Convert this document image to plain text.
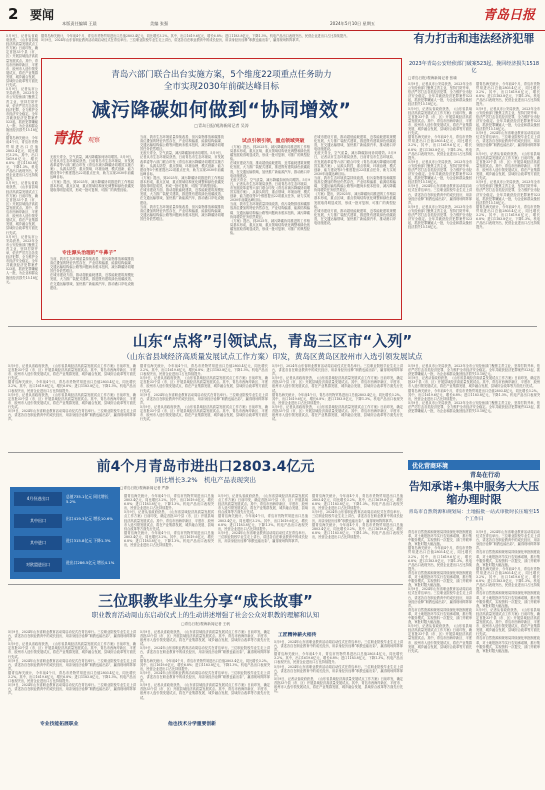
2 要闻
本版责任编辑 王晨	美编 张强	2024年5月10日 星期五
青岛日报
青岛六部门联合出台实施方案，5个维度22项重点任务助力
全市实现2030年前碳达峰目标
减污降碳如何做到“协同增效”
□青岛日报/观海新闻记者 吴涛
青报 观察
无废天青全，空气质量，减污降碳如何协同增效。5月9日，记者从市生态环境局获悉，日前青岛市生态环境局、市发展改革委等六部门联合印发《青岛市减污降碳协同增效实施方案》，从源头防控、重点领域、环境治理、模式创新、能力建设等5个维度提出22项重点任务，助力实现2030年前碳达峰目标。
《方案》提出，到2025年，减污降碳协同推进的工作格局基本形成，重点区域、重点领域结构优化调整和绿色低碳发展取得明显成效，形成一批可复制、可推广的典型经验。
专注源头治理的“牛鼻子”
当前，我市生态环境质量持续改善，但污染物排放和碳排放高位叠加的特征仍然存在，产业结构偏重、能源结构偏煤、交通运输结构偏公路等问题尚未根本扭转，减污降碳协同增效任务依然艰巨。
在城市建设方面，推动超低能耗建筑、近零能耗建筑规模化发展，大力推广装配式建筑，推进既有建筑绿色低碳改造，在交通运输领域，加快推广新能源汽车，推动港口岸电设施建设。
当前，我市生态环境质量持续改善，但污染物排放和碳排放高位叠加的特征仍然存在，产业结构偏重、能源结构偏煤、交通运输结构偏公路等问题尚未根本扭转，减污降碳协同增效任务依然艰巨。
无废天青全，空气质量，减污降碳如何协同增效。5月9日，记者从市生态环境局获悉，日前青岛市生态环境局、市发展改革委等六部门联合印发《青岛市减污降碳协同增效实施方案》，从源头防控、重点领域、环境治理、模式创新、能力建设等5个维度提出22项重点任务，助力实现2030年前碳达峰目标。
《方案》提出，到2025年，减污降碳协同推进的工作格局基本形成，重点区域、重点领域结构优化调整和绿色低碳发展取得明显成效，形成一批可复制、可推广的典型经验。
在城市建设方面，推动超低能耗建筑、近零能耗建筑规模化发展，大力推广装配式建筑，推进既有建筑绿色低碳改造，在交通运输领域，加快推广新能源汽车，推动港口岸电设施建设。
当前，我市生态环境质量持续改善，但污染物排放和碳排放高位叠加的特征仍然存在，产业结构偏重、能源结构偏煤、交通运输结构偏公路等问题尚未根本扭转，减污降碳协同增效任务依然艰巨。
试点引领引领，重点领域突破
《方案》提出，到2025年，减污降碳协同推进的工作格局基本形成，重点区域、重点领域结构优化调整和绿色低碳发展取得明显成效，形成一批可复制、可推广的典型经验。
在城市建设方面，推动超低能耗建筑、近零能耗建筑规模化发展，大力推广装配式建筑，推进既有建筑绿色低碳改造，在交通运输领域，加快推广新能源汽车，推动港口岸电设施建设。
无废天青全，空气质量，减污降碳如何协同增效。5月9日，记者从市生态环境局获悉，日前青岛市生态环境局、市发展改革委等六部门联合印发《青岛市减污降碳协同增效实施方案》，从源头防控、重点领域、环境治理、模式创新、能力建设等5个维度提出22项重点任务，助力实现2030年前碳达峰目标。
当前，我市生态环境质量持续改善，但污染物排放和碳排放高位叠加的特征仍然存在，产业结构偏重、能源结构偏煤、交通运输结构偏公路等问题尚未根本扭转，减污降碳协同增效任务依然艰巨。
《方案》提出，到2025年，减污降碳协同推进的工作格局基本形成，重点区域、重点领域结构优化调整和绿色低碳发展取得明显成效，形成一批可复制、可推广的典型经验。
在城市建设方面，推动超低能耗建筑、近零能耗建筑规模化发展，大力推广装配式建筑，推进既有建筑绿色低碳改造，在交通运输领域，加快推广新能源汽车，推动港口岸电设施建设。
无废天青全，空气质量，减污降碳如何协同增效。5月9日，记者从市生态环境局获悉，日前青岛市生态环境局、市发展改革委等六部门联合印发《青岛市减污降碳协同增效实施方案》，从源头防控、重点领域、环境治理、模式创新、能力建设等5个维度提出22项重点任务，助力实现2030年前碳达峰目标。
当前，我市生态环境质量持续改善，但污染物排放和碳排放高位叠加的特征仍然存在，产业结构偏重、能源结构偏煤、交通运输结构偏公路等问题尚未根本扭转，减污降碳协同增效任务依然艰巨。
《方案》提出，到2025年，减污降碳协同推进的工作格局基本形成，重点区域、重点领域结构优化调整和绿色低碳发展取得明显成效，形成一批可复制、可推广的典型经验。
在城市建设方面，推动超低能耗建筑、近零能耗建筑规模化发展，大力推广装配式建筑，推进既有建筑绿色低碳改造，在交通运输领域，加快推广新能源汽车，推动港口岸电设施建设。
5月9日，记者从省政府获悉，《山东省县域经济高质量发展试点工作方案》日前印发，确定首批33个县（市、区）开展县域经济高质量发展试点。其中，青岛市西海岸新区、平度市、胶州市入选引领发展试点，将在产业集群发展、城乡融合发展、县域综合改革等方面先行先试。
5月9日，记者从市公安局获悉，2023年全市公安经侦部门聚焦主责主业，坚持打防并举，依法严厉打击各类经济犯罪，全力维护全市经济安全稳定。全年共破获经济犯罪案件523起，抓获犯罪嫌疑人一批，为企业和群众挽回经济损失15.18亿元。
据青岛海关统计，今年前4个月，青岛市货物贸易进出口总值2803.4亿元，同比增长3.2%。其中，出口1619.6亿元，增长6.8%；进口1183.8亿元，下降1.3%。机电产品出口表现突出，民营企业进出口占比持续提升。
5月9日，记者从省政府获悉，《山东省县域经济高质量发展试点工作方案》日前印发，确定首批33个县（市、区）开展县域经济高质量发展试点。其中，青岛市西海岸新区、平度市、胶州市入选引领发展试点，将在产业集群发展、城乡融合发展、县域综合改革等方面先行先试。
5月9日，记者从市公安局获悉，2023年全市公安经侦部门聚焦主责主业，坚持打防并举，依法严厉打击各类经济犯罪，全力维护全市经济安全稳定。全年共破获经济犯罪案件523起，抓获犯罪嫌疑人一批，为企业和群众挽回经济损失15.18亿元。
据青岛海关统计，今年前4个月，青岛市货物贸易进出口总值2803.4亿元，同比增长3.2%。其中，出口1619.6亿元，增长6.8%；进口1183.8亿元，下降1.3%。机电产品出口表现突出，民营企业进出口占比持续提升。
5月9日，2024年山东省职业教育活动周启动仪式在青岛举行。三位职业院校毕业生走上讲台，讲述各自在职业教育中的成长经历，用亲身经历诠释“职教也能出彩”，赢得现场阵阵掌声。	有力打击和违法经济犯罪
2023年青岛公安经侦部门破案523起，挽回经济损失1518亿
□青岛日报/观海新闻记者 张瑜
5月9日，记者从市公安局获悉，2023年全市公安经侦部门聚焦主责主业，坚持打防并举，依法严厉打击各类经济犯罪，全力维护全市经济安全稳定。全年共破获经济犯罪案件523起，抓获犯罪嫌疑人一批，为企业和群众挽回经济损失15.18亿元。
5月9日，记者从省政府获悉，《山东省县域经济高质量发展试点工作方案》日前印发，确定首批33个县（市、区）开展县域经济高质量发展试点。其中，青岛市西海岸新区、平度市、胶州市入选引领发展试点，将在产业集群发展、城乡融合发展、县域综合改革等方面先行先试。
据青岛海关统计，今年前4个月，青岛市货物贸易进出口总值2803.4亿元，同比增长3.2%。其中，出口1619.6亿元，增长6.8%；进口1183.8亿元，下降1.3%。机电产品出口表现突出，民营企业进出口占比持续提升。
5月9日，记者从市公安局获悉，2023年全市公安经侦部门聚焦主责主业，坚持打防并举，依法严厉打击各类经济犯罪，全力维护全市经济安全稳定。全年共破获经济犯罪案件523起，抓获犯罪嫌疑人一批，为企业和群众挽回经济损失15.18亿元。
5月9日，2024年山东省职业教育活动周启动仪式在青岛举行。三位职业院校毕业生走上讲台，讲述各自在职业教育中的成长经历，用亲身经历诠释“职教也能出彩”，赢得现场阵阵掌声。
5月9日，记者从市公安局获悉，2023年全市公安经侦部门聚焦主责主业，坚持打防并举，依法严厉打击各类经济犯罪，全力维护全市经济安全稳定。全年共破获经济犯罪案件523起，抓获犯罪嫌疑人一批，为企业和群众挽回经济损失15.18亿元。
据青岛海关统计，今年前4个月，青岛市货物贸易进出口总值2803.4亿元，同比增长3.2%。其中，出口1619.6亿元，增长6.8%；进口1183.8亿元，下降1.3%。机电产品出口表现突出，民营企业进出口占比持续提升。
5月9日，记者从市公安局获悉，2023年全市公安经侦部门聚焦主责主业，坚持打防并举，依法严厉打击各类经济犯罪，全力维护全市经济安全稳定。全年共破获经济犯罪案件523起，抓获犯罪嫌疑人一批，为企业和群众挽回经济损失15.18亿元。
5月9日，2024年山东省职业教育活动周启动仪式在青岛举行。三位职业院校毕业生走上讲台，讲述各自在职业教育中的成长经历，用亲身经历诠释“职教也能出彩”，赢得现场阵阵掌声。
5月9日，记者从省政府获悉，《山东省县域经济高质量发展试点工作方案》日前印发，确定首批33个县（市、区）开展县域经济高质量发展试点。其中，青岛市西海岸新区、平度市、胶州市入选引领发展试点，将在产业集群发展、城乡融合发展、县域综合改革等方面先行先试。
5月9日，记者从市公安局获悉，2023年全市公安经侦部门聚焦主责主业，坚持打防并举，依法严厉打击各类经济犯罪，全力维护全市经济安全稳定。全年共破获经济犯罪案件523起，抓获犯罪嫌疑人一批，为企业和群众挽回经济损失15.18亿元。
据青岛海关统计，今年前4个月，青岛市货物贸易进出口总值2803.4亿元，同比增长3.2%。其中，出口1619.6亿元，增长6.8%；进口1183.8亿元，下降1.3%。机电产品出口表现突出，民营企业进出口占比持续提升。
山东“点将”引领试点，青岛三区市“入列”
（山东省县域经济高质量发展试点工作方案）印发，黄岛区黄岛区胶州市入选引领发展试点
5月9日，记者从省政府获悉，《山东省县域经济高质量发展试点工作方案》日前印发，确定首批33个县（市、区）开展县域经济高质量发展试点。其中，青岛市西海岸新区、平度市、胶州市入选引领发展试点，将在产业集群发展、城乡融合发展、县域综合改革等方面先行先试。
据青岛海关统计，今年前4个月，青岛市货物贸易进出口总值2803.4亿元，同比增长3.2%。其中，出口1619.6亿元，增长6.8%；进口1183.8亿元，下降1.3%。机电产品出口表现突出，民营企业进出口占比持续提升。
5月9日，记者从省政府获悉，《山东省县域经济高质量发展试点工作方案》日前印发，确定首批33个县（市、区）开展县域经济高质量发展试点。其中，青岛市西海岸新区、平度市、胶州市入选引领发展试点，将在产业集群发展、城乡融合发展、县域综合改革等方面先行先试。
5月9日，2024年山东省职业教育活动周启动仪式在青岛举行。三位职业院校毕业生走上讲台，讲述各自在职业教育中的成长经历，用亲身经历诠释“职教也能出彩”，赢得现场阵阵掌声。
据青岛海关统计，今年前4个月，青岛市货物贸易进出口总值2803.4亿元，同比增长3.2%。其中，出口1619.6亿元，增长6.8%；进口1183.8亿元，下降1.3%。机电产品出口表现突出，民营企业进出口占比持续提升。
5月9日，记者从省政府获悉，《山东省县域经济高质量发展试点工作方案》日前印发，确定首批33个县（市、区）开展县域经济高质量发展试点。其中，青岛市西海岸新区、平度市、胶州市入选引领发展试点，将在产业集群发展、城乡融合发展、县域综合改革等方面先行先试。
5月9日，2024年山东省职业教育活动周启动仪式在青岛举行。三位职业院校毕业生走上讲台，讲述各自在职业教育中的成长经历，用亲身经历诠释“职教也能出彩”，赢得现场阵阵掌声。
5月9日，记者从省政府获悉，《山东省县域经济高质量发展试点工作方案》日前印发，确定首批33个县（市、区）开展县域经济高质量发展试点。其中，青岛市西海岸新区、平度市、胶州市入选引领发展试点，将在产业集群发展、城乡融合发展、县域综合改革等方面先行先试。
5月9日，2024年山东省职业教育活动周启动仪式在青岛举行。三位职业院校毕业生走上讲台，讲述各自在职业教育中的成长经历，用亲身经历诠释“职教也能出彩”，赢得现场阵阵掌声。
5月9日，记者从省政府获悉，《山东省县域经济高质量发展试点工作方案》日前印发，确定首批33个县（市、区）开展县域经济高质量发展试点。其中，青岛市西海岸新区、平度市、胶州市入选引领发展试点，将在产业集群发展、城乡融合发展、县域综合改革等方面先行先试。
据青岛海关统计，今年前4个月，青岛市货物贸易进出口总值2803.4亿元，同比增长3.2%。其中，出口1619.6亿元，增长6.8%；进口1183.8亿元，下降1.3%。机电产品出口表现突出，民营企业进出口占比持续提升。
5月9日，记者从省政府获悉，《山东省县域经济高质量发展试点工作方案》日前印发，确定首批33个县（市、区）开展县域经济高质量发展试点。其中，青岛市西海岸新区、平度市、胶州市入选引领发展试点，将在产业集群发展、城乡融合发展、县域综合改革等方面先行先试。
5月9日，记者从市公安局获悉，2023年全市公安经侦部门聚焦主责主业，坚持打防并举，依法严厉打击各类经济犯罪，全力维护全市经济安全稳定。全年共破获经济犯罪案件523起，抓获犯罪嫌疑人一批，为企业和群众挽回经济损失15.18亿元。
5月9日，记者从省政府获悉，《山东省县域经济高质量发展试点工作方案》日前印发，确定首批33个县（市、区）开展县域经济高质量发展试点。其中，青岛市西海岸新区、平度市、胶州市入选引领发展试点，将在产业集群发展、城乡融合发展、县域综合改革等方面先行先试。
据青岛海关统计，今年前4个月，青岛市货物贸易进出口总值2803.4亿元，同比增长3.2%。其中，出口1619.6亿元，增长6.8%；进口1183.8亿元，下降1.3%。机电产品出口表现突出，民营企业进出口占比持续提升。
5月9日，记者从市公安局获悉，2023年全市公安经侦部门聚焦主责主业，坚持打防并举，依法严厉打击各类经济犯罪，全力维护全市经济安全稳定。全年共破获经济犯罪案件523起，抓获犯罪嫌疑人一批，为企业和群众挽回经济损失15.18亿元。
前4个月青岛市进出口2803.4亿元
同比增长3.2%　机电产品表现突出
□青岛日报/观海新闻记者 严静
4月份进出口	总值735.1亿元 同比增长5.2%
其中出口	出口419.3亿元 增长10.6%
其中进口	进口315.8亿元 下降1.3%
对欧盟进出口	进出口286.5亿元 增长4.1%
据青岛海关统计，今年前4个月，青岛市货物贸易进出口总值2803.4亿元，同比增长3.2%。其中，出口1619.6亿元，增长6.8%；进口1183.8亿元，下降1.3%。机电产品出口表现突出，民营企业进出口占比持续提升。
5月9日，记者从省政府获悉，《山东省县域经济高质量发展试点工作方案》日前印发，确定首批33个县（市、区）开展县域经济高质量发展试点。其中，青岛市西海岸新区、平度市、胶州市入选引领发展试点，将在产业集群发展、城乡融合发展、县域综合改革等方面先行先试。
据青岛海关统计，今年前4个月，青岛市货物贸易进出口总值2803.4亿元，同比增长3.2%。其中，出口1619.6亿元，增长6.8%；进口1183.8亿元，下降1.3%。机电产品出口表现突出，民营企业进出口占比持续提升。
5月9日，记者从省政府获悉，《山东省县域经济高质量发展试点工作方案》日前印发，确定首批33个县（市、区）开展县域经济高质量发展试点。其中，青岛市西海岸新区、平度市、胶州市入选引领发展试点，将在产业集群发展、城乡融合发展、县域综合改革等方面先行先试。
据青岛海关统计，今年前4个月，青岛市货物贸易进出口总值2803.4亿元，同比增长3.2%。其中，出口1619.6亿元，增长6.8%；进口1183.8亿元，下降1.3%。机电产品出口表现突出，民营企业进出口占比持续提升。
5月9日，2024年山东省职业教育活动周启动仪式在青岛举行。三位职业院校毕业生走上讲台，讲述各自在职业教育中的成长经历，用亲身经历诠释“职教也能出彩”，赢得现场阵阵掌声。
据青岛海关统计，今年前4个月，青岛市货物贸易进出口总值2803.4亿元，同比增长3.2%。其中，出口1619.6亿元，增长6.8%；进口1183.8亿元，下降1.3%。机电产品出口表现突出，民营企业进出口占比持续提升。
5月9日，2024年山东省职业教育活动周启动仪式在青岛举行。三位职业院校毕业生走上讲台，讲述各自在职业教育中的成长经历，用亲身经历诠释“职教也能出彩”，赢得现场阵阵掌声。
据青岛海关统计，今年前4个月，青岛市货物贸易进出口总值2803.4亿元，同比增长3.2%。其中，出口1619.6亿元，增长6.8%；进口1183.8亿元，下降1.3%。机电产品出口表现突出，民营企业进出口占比持续提升。
优化营商环境
青岛在行动
告知承诺+集中服务大大压缩办理时限
青岛市自然资源和规划局：土地报批一站式审批时长压缩至15个工作日
青岛市自然资源和规划局持续深化审批制度改革，对土地报批环节实行告知承诺制，推行集中服务模式，实现资料一次提交、部门并联审查，审批时限大幅压缩。
据青岛海关统计，今年前4个月，青岛市货物贸易进出口总值2803.4亿元，同比增长3.2%。其中，出口1619.6亿元，增长6.8%；进口1183.8亿元，下降1.3%。机电产品出口表现突出，民营企业进出口占比持续提升。
青岛市自然资源和规划局持续深化审批制度改革，对土地报批环节实行告知承诺制，推行集中服务模式，实现资料一次提交、部门并联审查，审批时限大幅压缩。
5月9日，2024年山东省职业教育活动周启动仪式在青岛举行。三位职业院校毕业生走上讲台，讲述各自在职业教育中的成长经历，用亲身经历诠释“职教也能出彩”，赢得现场阵阵掌声。
青岛市自然资源和规划局持续深化审批制度改革，对土地报批环节实行告知承诺制，推行集中服务模式，实现资料一次提交、部门并联审查，审批时限大幅压缩。
5月9日，记者从省政府获悉，《山东省县域经济高质量发展试点工作方案》日前印发，确定首批33个县（市、区）开展县域经济高质量发展试点。其中，青岛市西海岸新区、平度市、胶州市入选引领发展试点，将在产业集群发展、城乡融合发展、县域综合改革等方面先行先试。
5月9日，2024年山东省职业教育活动周启动仪式在青岛举行。三位职业院校毕业生走上讲台，讲述各自在职业教育中的成长经历，用亲身经历诠释“职教也能出彩”，赢得现场阵阵掌声。
青岛市自然资源和规划局持续深化审批制度改革，对土地报批环节实行告知承诺制，推行集中服务模式，实现资料一次提交、部门并联审查，审批时限大幅压缩。
据青岛海关统计，今年前4个月，青岛市货物贸易进出口总值2803.4亿元，同比增长3.2%。其中，出口1619.6亿元，增长6.8%；进口1183.8亿元，下降1.3%。机电产品出口表现突出，民营企业进出口占比持续提升。
青岛市自然资源和规划局持续深化审批制度改革，对土地报批环节实行告知承诺制，推行集中服务模式，实现资料一次提交、部门并联审查，审批时限大幅压缩。
5月9日，记者从省政府获悉，《山东省县域经济高质量发展试点工作方案》日前印发，确定首批33个县（市、区）开展县域经济高质量发展试点。其中，青岛市西海岸新区、平度市、胶州市入选引领发展试点，将在产业集群发展、城乡融合发展、县域综合改革等方面先行先试。
青岛市自然资源和规划局持续深化审批制度改革，对土地报批环节实行告知承诺制，推行集中服务模式，实现资料一次提交、部门并联审查，审批时限大幅压缩。
三位职教毕业生分享“成长故事”
职业教育活动周山东启动仪式上的生动讲述增强了社会公众对职教的理解和认知
□青岛日报/观海新闻记者 王帆
5月9日，2024年山东省职业教育活动周启动仪式在青岛举行。三位职业院校毕业生走上讲台，讲述各自在职业教育中的成长经历，用亲身经历诠释“职教也能出彩”，赢得现场阵阵掌声。
5月9日，记者从省政府获悉，《山东省县域经济高质量发展试点工作方案》日前印发，确定首批33个县（市、区）开展县域经济高质量发展试点。其中，青岛市西海岸新区、平度市、胶州市入选引领发展试点，将在产业集群发展、城乡融合发展、县域综合改革等方面先行先试。
5月9日，2024年山东省职业教育活动周启动仪式在青岛举行。三位职业院校毕业生走上讲台，讲述各自在职业教育中的成长经历，用亲身经历诠释“职教也能出彩”，赢得现场阵阵掌声。
据青岛海关统计，今年前4个月，青岛市货物贸易进出口总值2803.4亿元，同比增长3.2%。其中，出口1619.6亿元，增长6.8%；进口1183.8亿元，下降1.3%。机电产品出口表现突出，民营企业进出口占比持续提升。
5月9日，2024年山东省职业教育活动周启动仪式在青岛举行。三位职业院校毕业生走上讲台，讲述各自在职业教育中的成长经历，用亲身经历诠释“职教也能出彩”，赢得现场阵阵掌声。
专业技能拓展职业
5月9日，记者从省政府获悉，《山东省县域经济高质量发展试点工作方案》日前印发，确定首批33个县（市、区）开展县域经济高质量发展试点。其中，青岛市西海岸新区、平度市、胶州市入选引领发展试点，将在产业集群发展、城乡融合发展、县域综合改革等方面先行先试。
5月9日，2024年山东省职业教育活动周启动仪式在青岛举行。三位职业院校毕业生走上讲台，讲述各自在职业教育中的成长经历，用亲身经历诠释“职教也能出彩”，赢得现场阵阵掌声。
据青岛海关统计，今年前4个月，青岛市货物贸易进出口总值2803.4亿元，同比增长3.2%。其中，出口1619.6亿元，增长6.8%；进口1183.8亿元，下降1.3%。机电产品出口表现突出，民营企业进出口占比持续提升。
5月9日，2024年山东省职业教育活动周启动仪式在青岛举行。三位职业院校毕业生走上讲台，讲述各自在职业教育中的成长经历，用亲身经历诠释“职教也能出彩”，赢得现场阵阵掌声。
5月9日，记者从省政府获悉，《山东省县域经济高质量发展试点工作方案》日前印发，确定首批33个县（市、区）开展县域经济高质量发展试点。其中，青岛市西海岸新区、平度市、胶州市入选引领发展试点，将在产业集群发展、城乡融合发展、县域综合改革等方面先行先试。
他也技术分学重要创新
工匠精神薪火相传
5月9日，2024年山东省职业教育活动周启动仪式在青岛举行。三位职业院校毕业生走上讲台，讲述各自在职业教育中的成长经历，用亲身经历诠释“职教也能出彩”，赢得现场阵阵掌声。
据青岛海关统计，今年前4个月，青岛市货物贸易进出口总值2803.4亿元，同比增长3.2%。其中，出口1619.6亿元，增长6.8%；进口1183.8亿元，下降1.3%。机电产品出口表现突出，民营企业进出口占比持续提升。
5月9日，2024年山东省职业教育活动周启动仪式在青岛举行。三位职业院校毕业生走上讲台，讲述各自在职业教育中的成长经历，用亲身经历诠释“职教也能出彩”，赢得现场阵阵掌声。
5月9日，记者从省政府获悉，《山东省县域经济高质量发展试点工作方案》日前印发，确定首批33个县（市、区）开展县域经济高质量发展试点。其中，青岛市西海岸新区、平度市、胶州市入选引领发展试点，将在产业集群发展、城乡融合发展、县域综合改革等方面先行先试。
